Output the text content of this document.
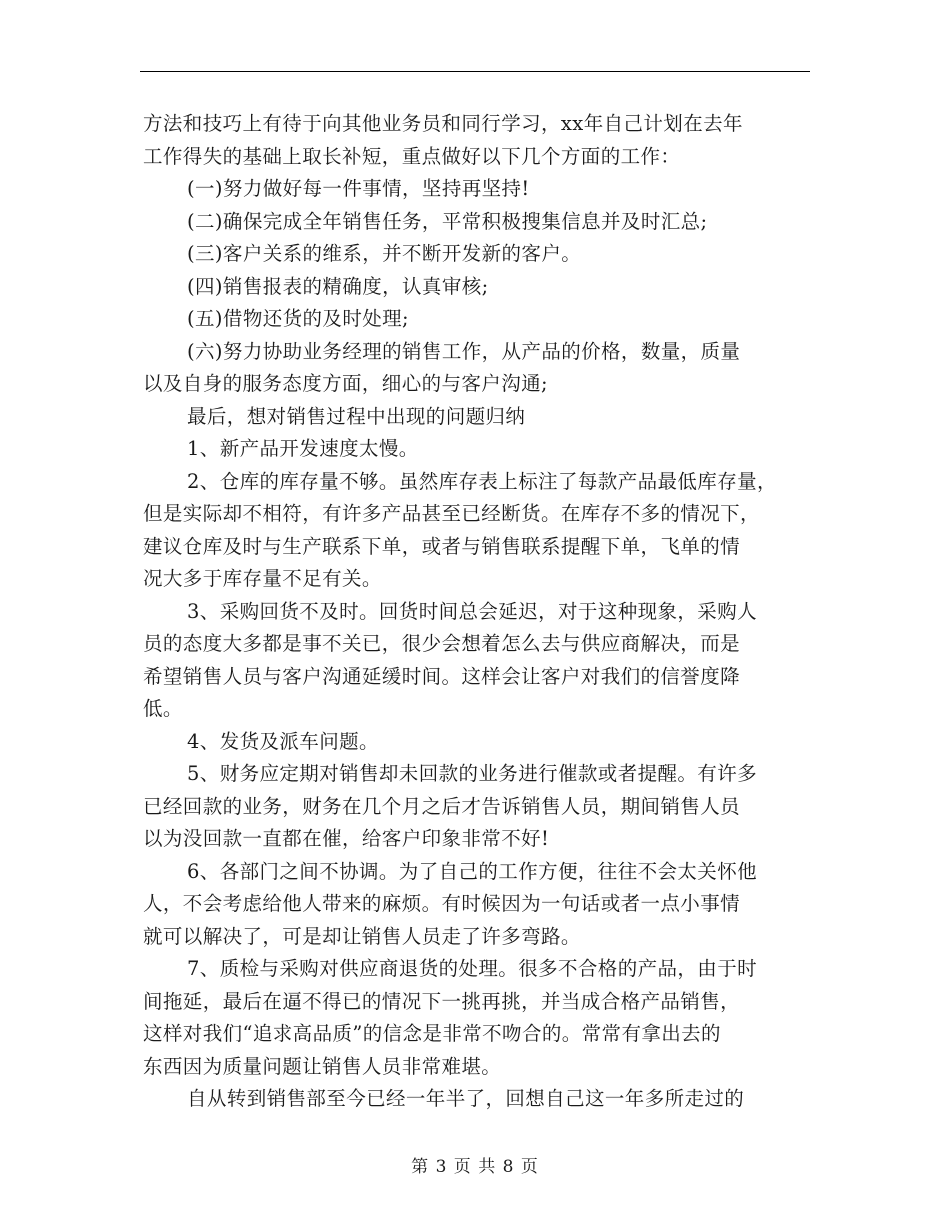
方法和技巧上有待于向其他业务员和同行学习，xx年自己计划在去年
工作得失的基础上取长补短，重点做好以下几个方面的工作：
(一)努力做好每一件事情，坚持再坚持!
(二)确保完成全年销售任务，平常积极搜集信息并及时汇总;
(三)客户关系的维系，并不断开发新的客户。
(四)销售报表的精确度，认真审核;
(五)借物还货的及时处理;
(六)努力协助业务经理的销售工作，从产品的价格，数量，质量
以及自身的服务态度方面，细心的与客户沟通;
最后，想对销售过程中出现的问题归纳
1、新产品开发速度太慢。
2、仓库的库存量不够。虽然库存表上标注了每款产品最低库存量，
但是实际却不相符，有许多产品甚至已经断货。在库存不多的情况下，
建议仓库及时与生产联系下单，或者与销售联系提醒下单，飞单的情
况大多于库存量不足有关。
3、采购回货不及时。回货时间总会延迟，对于这种现象，采购人
员的态度大多都是事不关已，很少会想着怎么去与供应商解决，而是
希望销售人员与客户沟通延缓时间。这样会让客户对我们的信誉度降
低。
4、发货及派车问题。
5、财务应定期对销售却未回款的业务进行催款或者提醒。有许多
已经回款的业务，财务在几个月之后才告诉销售人员，期间销售人员
以为没回款一直都在催，给客户印象非常不好!
6、各部门之间不协调。为了自己的工作方便，往往不会太关怀他
人，不会考虑给他人带来的麻烦。有时候因为一句话或者一点小事情
就可以解决了，可是却让销售人员走了许多弯路。
7、质检与采购对供应商退货的处理。很多不合格的产品，由于时
间拖延，最后在逼不得已的情况下一挑再挑，并当成合格产品销售，
这样对我们“追求高品质”的信念是非常不吻合的。常常有拿出去的
东西因为质量问题让销售人员非常难堪。
自从转到销售部至今已经一年半了，回想自己这一年多所走过的
第 3 页 共 8 页
